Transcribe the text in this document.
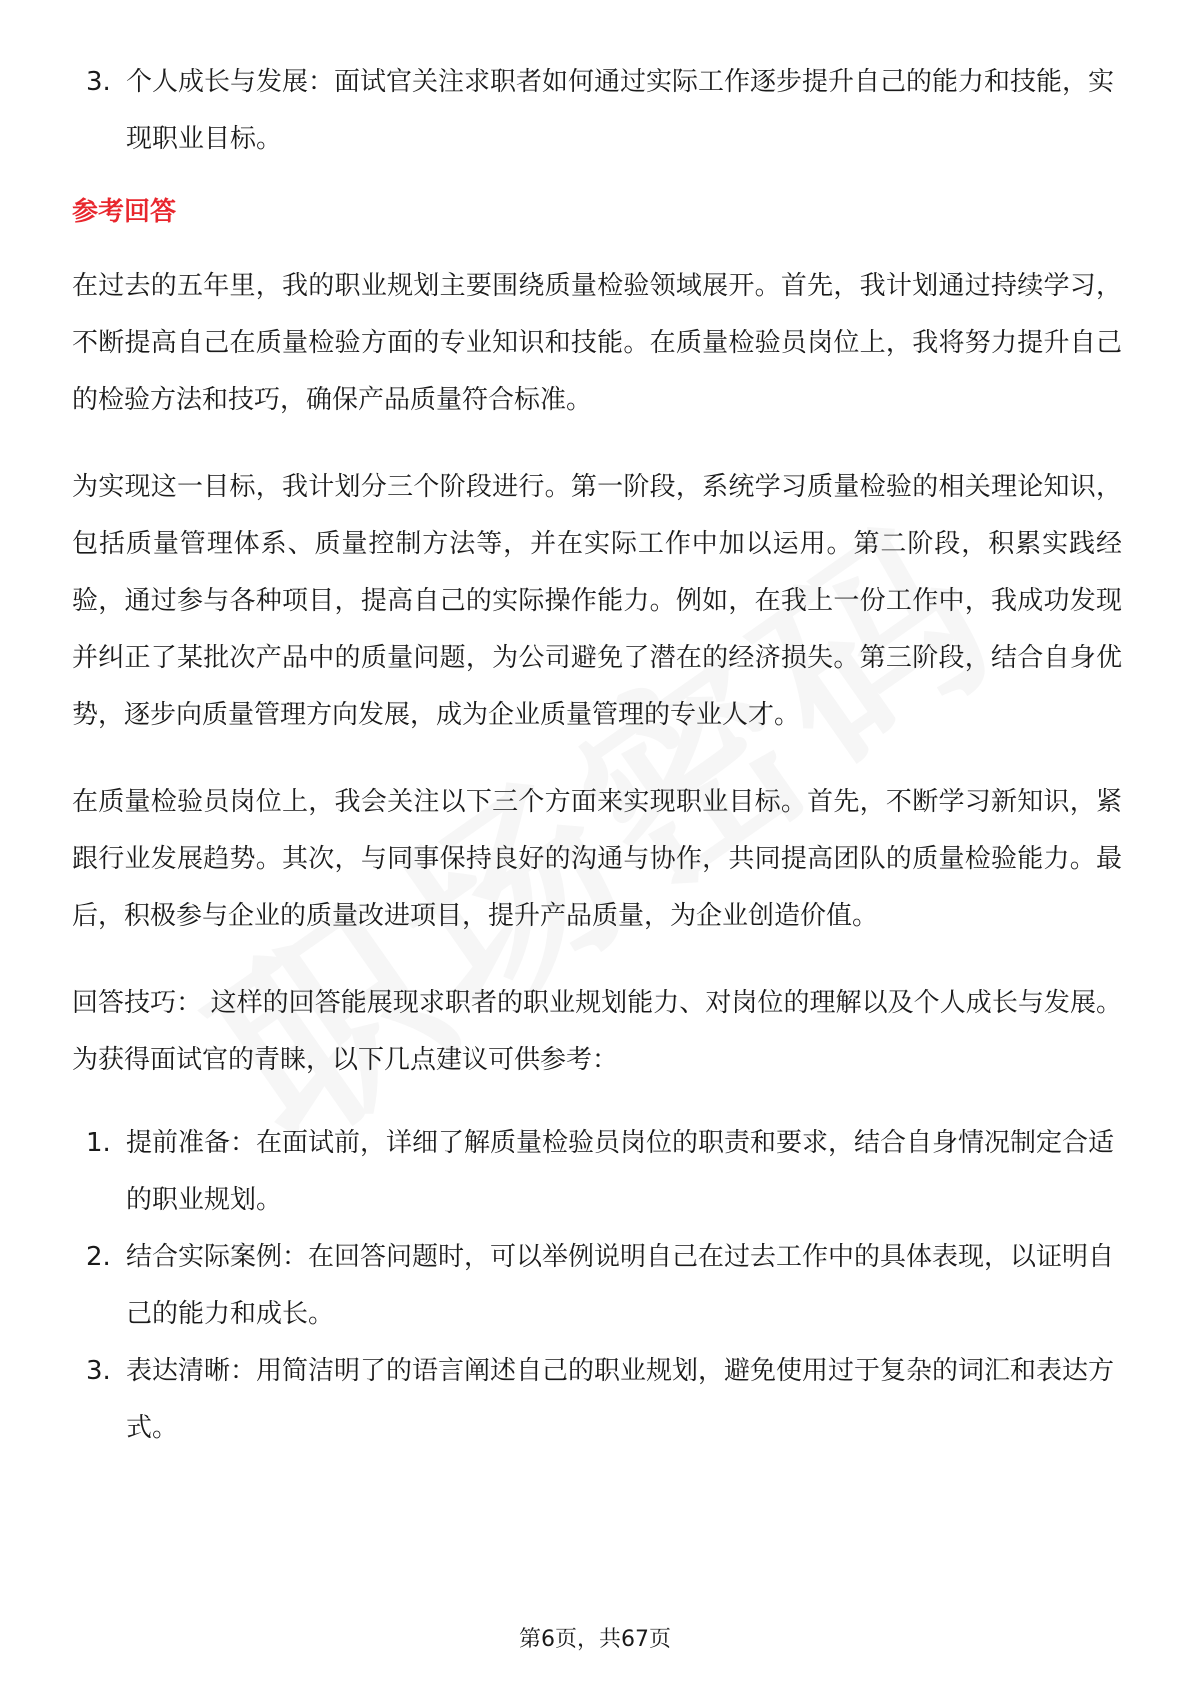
3. 个人成长与发展：面试官关注求职者如何通过实际工作逐步提升自己的能力和技能，实现职业目标。
参考回答

在过去的五年里，我的职业规划主要围绕质量检验领域展开。首先，我计划通过持续学习，不断提高自己在质量检验方面的专业知识和技能。在质量检验员岗位上，我将努力提升自己的检验方法和技巧，确保产品质量符合标准。

为实现这一目标，我计划分三个阶段进行。第一阶段，系统学习质量检验的相关理论知识，包括质量管理体系、质量控制方法等，并在实际工作中加以运用。第二阶段，积累实践经验，通过参与各种项目，提高自己的实际操作能力。例如，在我上一份工作中，我成功发现并纠正了某批次产品中的质量问题，为公司避免了潜在的经济损失。第三阶段，结合自身优势，逐步向质量管理方向发展，成为企业质量管理的专业人才。

在质量检验员岗位上，我会关注以下三个方面来实现职业目标。首先，不断学习新知识，紧跟行业发展趋势。其次，与同事保持良好的沟通与协作，共同提高团队的质量检验能力。最后，积极参与企业的质量改进项目，提升产品质量，为企业创造价值。

回答技巧： 这样的回答能展现求职者的职业规划能力、对岗位的理解以及个人成长与发展。为获得面试官的青睐，以下几点建议可供参考：

1. 提前准备：在面试前，详细了解质量检验员岗位的职责和要求，结合自身情况制定合适的职业规划。
2. 结合实际案例：在回答问题时，可以举例说明自己在过去工作中的具体表现，以证明自己的能力和成长。
3. 表达清晰：用简洁明了的语言阐述自己的职业规划，避免使用过于复杂的词汇和表达方式。
第6页，共67页
